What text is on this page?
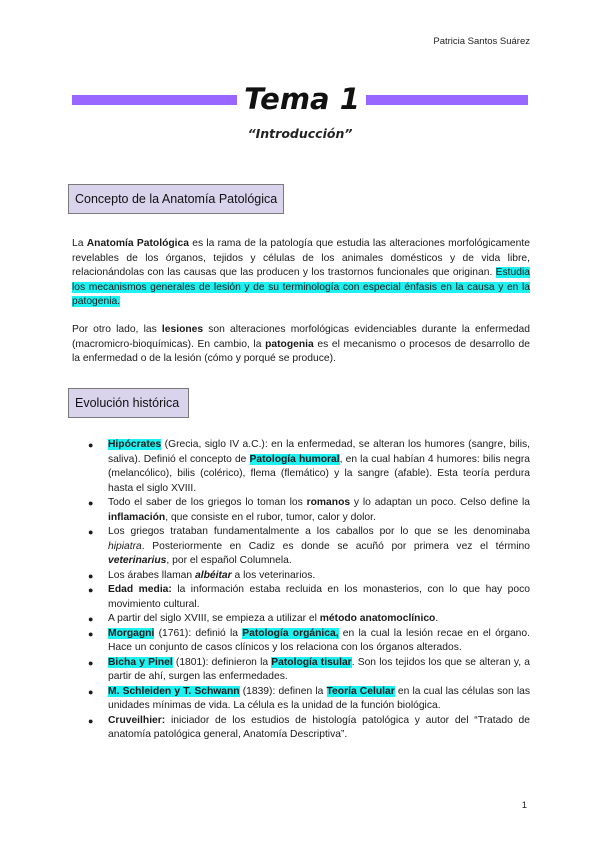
Patricia Santos Suárez
Tema 1
“Introducción”
Concepto de la Anatomía Patológica
La Anatomía Patológica es la rama de la patología que estudia las alteraciones morfológicamente revelables de los órganos, tejidos y células de los animales domésticos y de vida libre, relacionándolas con las causas que las producen y los trastornos funcionales que originan. Estudia los mecanismos generales de lesión y de su terminología con especial énfasis en la causa y en la patogenia.
Por otro lado, las lesiones son alteraciones morfológicas evidenciables durante la enfermedad (macromicro-bioquímicas). En cambio, la patogenia es el mecanismo o procesos de desarrollo de la enfermedad o de la lesión (cómo y porqué se produce).
Evolución histórica
● Hipócrates (Grecia, siglo IV a.C.): en la enfermedad, se alteran los humores (sangre, bilis, saliva). Definió el concepto de Patología humoral, en la cual habían 4 humores: bilis negra (melancólico), bilis (colérico), flema (flemático) y la sangre (afable). Esta teoría perdura hasta el siglo XVIII.
● Todo el saber de los griegos lo toman los romanos y lo adaptan un poco. Celso define la inflamación, que consiste en el rubor, tumor, calor y dolor.
● Los griegos trataban fundamentalmente a los caballos por lo que se les denominaba hipiatra. Posteriormente en Cadiz es donde se acuñó por primera vez el término veterinarius, por el español Columnela.
● Los árabes llaman albéitar a los veterinarios.
● Edad media: la información estaba recluida en los monasterios, con lo que hay poco movimiento cultural.
● A partir del siglo XVIII, se empieza a utilizar el método anatomoclínico.
● Morgagni (1761): definió la Patología orgánica, en la cual la lesión recae en el órgano. Hace un conjunto de casos clínicos y los relaciona con los órganos alterados.
● Bicha y Pinel (1801): definieron la Patología tisular. Son los tejidos los que se alteran y, a partir de ahí, surgen las enfermedades.
● M. Schleiden y T. Schwann (1839): definen la Teoría Celular en la cual las células son las unidades mínimas de vida. La célula es la unidad de la función biológica.
● Cruveilhier: iniciador de los estudios de histología patológica y autor del “Tratado de anatomía patológica general, Anatomía Descriptiva”.
1
